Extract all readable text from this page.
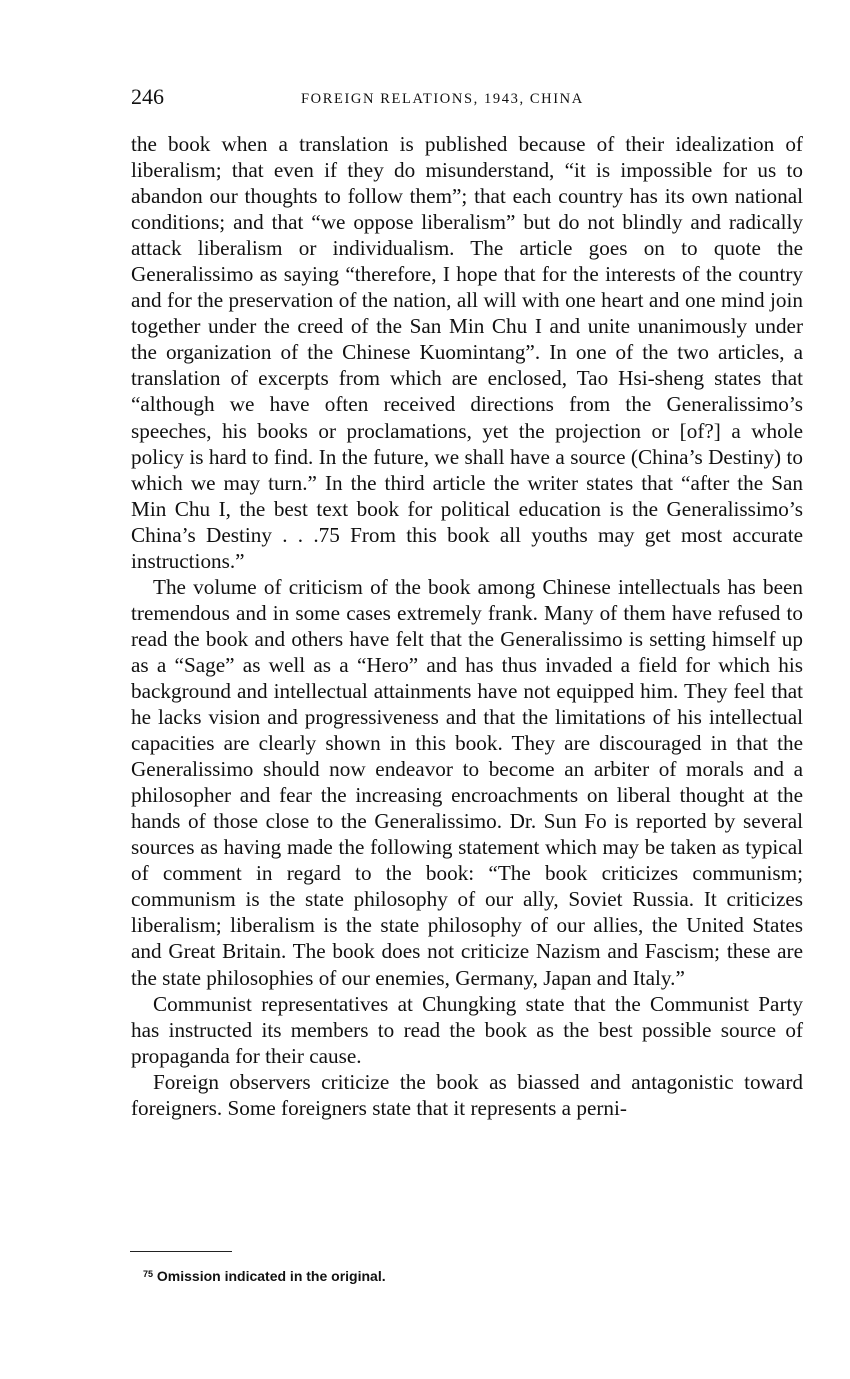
246	FOREIGN RELATIONS, 1943, CHINA

the book when a translation is published because of their idealization of liberalism; that even if they do misunderstand, “it is impossible for us to abandon our thoughts to follow them”; that each country has its own national conditions; and that “we oppose liberalism” but do not blindly and radically attack liberalism or individualism. The article goes on to quote the Generalissimo as saying “therefore, I hope that for the interests of the country and for the preservation of the nation, all will with one heart and one mind join together under the creed of the San Min Chu I and unite unanimously under the organization of the Chinese Kuomintang”. In one of the two articles, a translation of excerpts from which are enclosed, Tao Hsi-sheng states that “although we have often received directions from the Generalissimo’s speeches, his books or proclamations, yet the projection or [of?] a whole policy is hard to find. In the future, we shall have a source (China’s Destiny) to which we may turn.” In the third article the writer states that “after the San Min Chu I, the best text book for political education is the Generalissimo’s China’s Destiny . . .75 From this book all youths may get most accurate instructions.”

The volume of criticism of the book among Chinese intellectuals has been tremendous and in some cases extremely frank. Many of them have refused to read the book and others have felt that the Generalissimo is setting himself up as a “Sage” as well as a “Hero” and has thus invaded a field for which his background and intellectual attainments have not equipped him. They feel that he lacks vision and progressiveness and that the limitations of his intellectual capacities are clearly shown in this book. They are discouraged in that the Generalissimo should now endeavor to become an arbiter of morals and a philosopher and fear the increasing encroachments on liberal thought at the hands of those close to the Generalissimo. Dr. Sun Fo is reported by several sources as having made the following statement which may be taken as typical of comment in regard to the book: “The book criticizes communism; communism is the state philosophy of our ally, Soviet Russia. It criticizes liberalism; liberalism is the state philosophy of our allies, the United States and Great Britain. The book does not criticize Nazism and Fascism; these are the state philosophies of our enemies, Germany, Japan and Italy.”

Communist representatives at Chungking state that the Communist Party has instructed its members to read the book as the best possible source of propaganda for their cause.

Foreign observers criticize the book as biassed and antagonistic toward foreigners. Some foreigners state that it represents a perni-

$^{75}$ Omission indicated in the original.
